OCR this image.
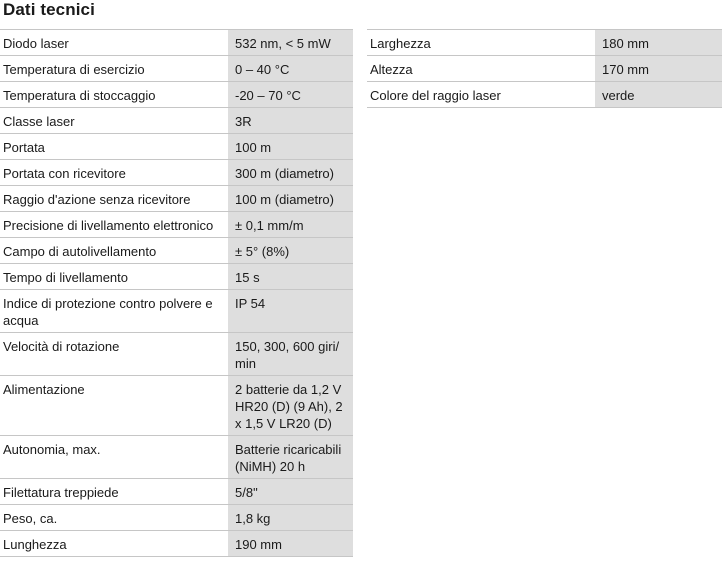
Dati tecnici
Diodo laser	532 nm, < 5 mW
Temperatura di esercizio	0 – 40 °C
Temperatura di stoccaggio	-20 – 70 °C
Classe laser	3R
Portata	100 m
Portata con ricevitore	300 m (diametro)
Raggio d'azione senza ricevitore	100 m (diametro)
Precisione di livellamento elettronico	± 0,1 mm/m
Campo di autolivellamento	± 5° (8%)
Tempo di livellamento	15 s
Indice di protezione contro polvere e acqua	IP 54
Velocità di rotazione	150, 300, 600 giri/ min
Alimentazione	2 batterie da 1,2 V HR20 (D) (9 Ah), 2 x 1,5 V LR20 (D)
Autonomia, max.	Batterie ricaricabili (NiMH) 20 h
Filettatura treppiede	5/8"
Peso, ca.	1,8 kg
Lunghezza	190 mm
Larghezza	180 mm
Altezza	170 mm
Colore del raggio laser	verde
